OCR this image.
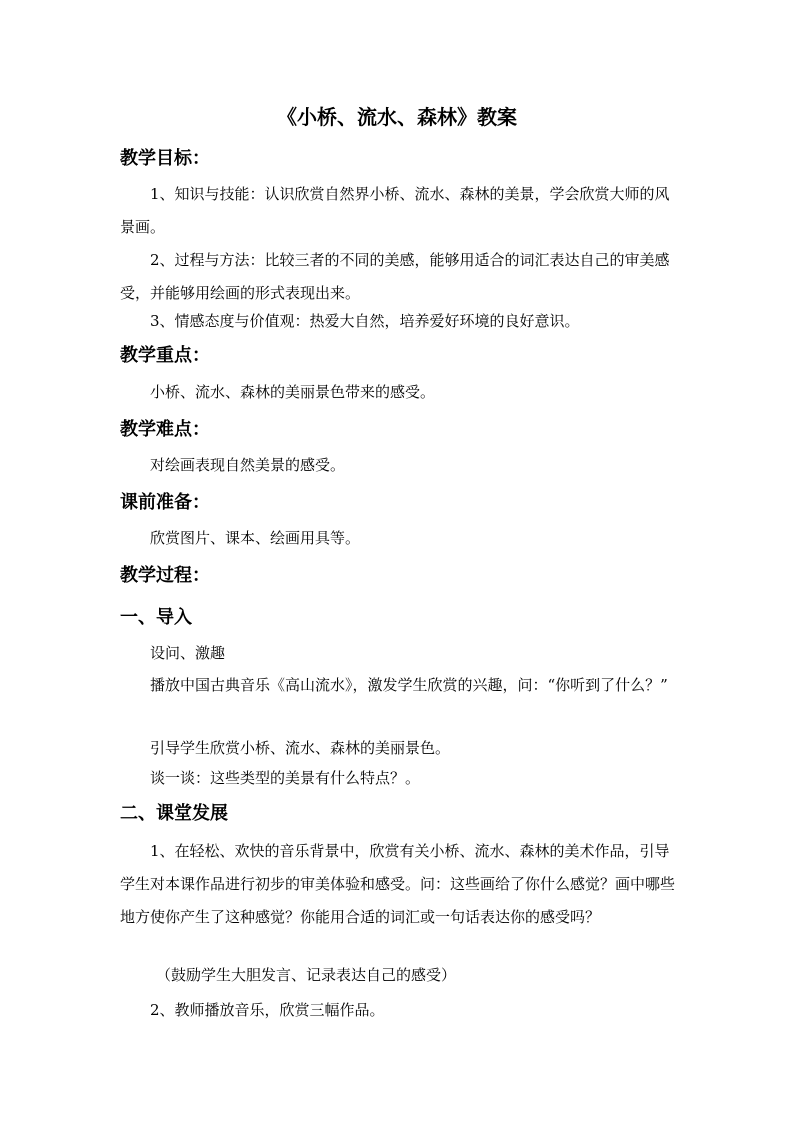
《小桥、流水、森林》教案
教学目标：
1、知识与技能：认识欣赏自然界小桥、流水、森林的美景，学会欣赏大师的风景画。
2、过程与方法：比较三者的不同的美感，能够用适合的词汇表达自己的审美感受，并能够用绘画的形式表现出来。
3、情感态度与价值观：热爱大自然，培养爱好环境的良好意识。
教学重点：
小桥、流水、森林的美丽景色带来的感受。
教学难点：
对绘画表现自然美景的感受。
课前准备：
欣赏图片、课本、绘画用具等。
教学过程：
一、导入
设问、激趣
播放中国古典音乐《高山流水》，激发学生欣赏的兴趣，问：“你听到了什么？”
引导学生欣赏小桥、流水、森林的美丽景色。
谈一谈：这些类型的美景有什么特点？。
二、课堂发展
1、在轻松、欢快的音乐背景中，欣赏有关小桥、流水、森林的美术作品，引导学生对本课作品进行初步的审美体验和感受。问：这些画给了你什么感觉？画中哪些地方使你产生了这种感觉？你能用合适的词汇或一句话表达你的感受吗？
（鼓励学生大胆发言、记录表达自己的感受）
2、教师播放音乐，欣赏三幅作品。
